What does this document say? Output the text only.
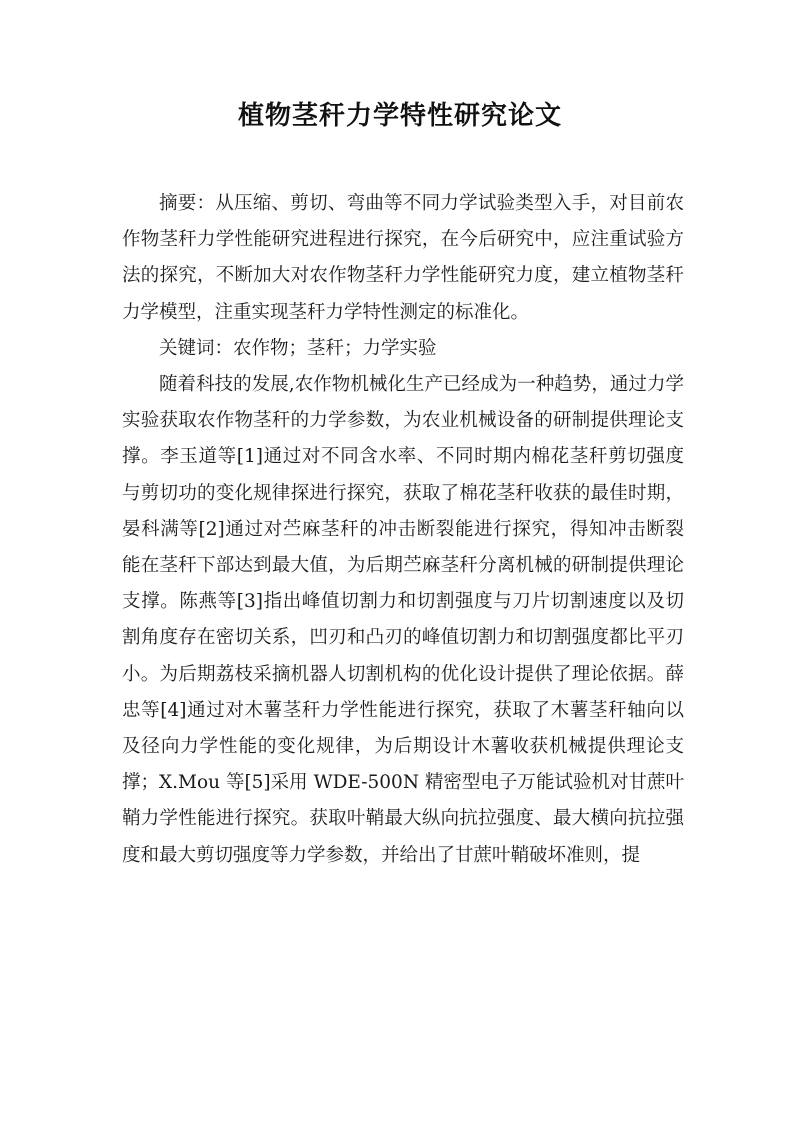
植物茎秆力学特性研究论文

摘要：从压缩、剪切、弯曲等不同力学试验类型入手，对目前农作物茎秆力学性能研究进程进行探究，在今后研究中，应注重试验方法的探究，不断加大对农作物茎秆力学性能研究力度，建立植物茎秆力学模型，注重实现茎秆力学特性测定的标准化。

关键词：农作物；茎秆；力学实验

随着科技的发展,农作物机械化生产已经成为一种趋势，通过力学实验获取农作物茎秆的力学参数，为农业机械设备的研制提供理论支撑。李玉道等[1]通过对不同含水率、不同时期内棉花茎秆剪切强度与剪切功的变化规律探进行探究，获取了棉花茎秆收获的最佳时期，晏科满等[2]通过对苎麻茎秆的冲击断裂能进行探究，得知冲击断裂能在茎秆下部达到最大值，为后期苎麻茎秆分离机械的研制提供理论支撑。陈燕等[3]指出峰值切割力和切割强度与刀片切割速度以及切割角度存在密切关系，凹刃和凸刃的峰值切割力和切割强度都比平刃小。为后期荔枝采摘机器人切割机构的优化设计提供了理论依据。薛忠等[4]通过对木薯茎秆力学性能进行探究，获取了木薯茎秆轴向以及径向力学性能的变化规律，为后期设计木薯收获机械提供理论支撑；X.Mou 等[5]采用 WDE-500N 精密型电子万能试验机对甘蔗叶鞘力学性能进行探究。获取叶鞘最大纵向抗拉强度、最大横向抗拉强度和最大剪切强度等力学参数，并给出了甘蔗叶鞘破坏准则，提
